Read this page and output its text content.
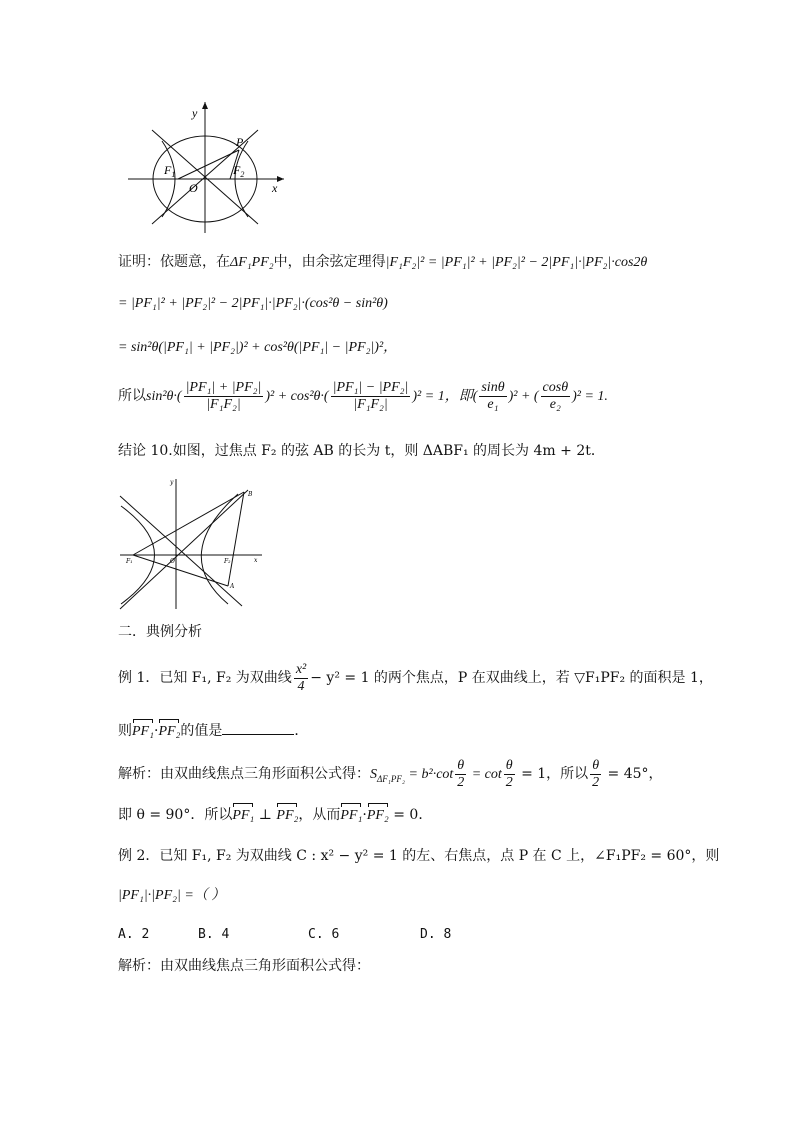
y
x
P
$F_1$	$F_2$
O
证明：依题意，在ΔF₁PF₂中，由余弦定理得|F₁F₂|² = |PF₁|² + |PF₂|² − 2|PF₁|·|PF₂|·cos2θ
= |PF₁|² + |PF₂|² − 2|PF₁|·|PF₂|·(cos²θ − sin²θ)
= sin²θ(|PF₁| + |PF₂|)² + cos²θ(|PF₁| − |PF₂|)²，
所以$\sin^2\theta\cdot( \frac{\text{|PF₁| + |PF₂|}}{\text{|F₁F₂|}} )^2 + \cos^2\theta\cdot( \frac{\text{|PF₁| − |PF₂|}}{\text{|F₁F₂|}} )^2 = 1$，即( $\frac{\sin\theta}{\text{e₁}} )^2$ + ( $\frac{\cos\theta}{\text{e₂}} )^2 = 1$.
结论 10.如图，过焦点 F₂ 的弦 AB 的长为 t，则 ΔABF₁ 的周长为 4m + 2t．
y
x
B
A
F₁	F₂
O
二．典例分析
例 1．已知 F₁, F₂ 为双曲线 $\frac{\text{x²}}{4} - y^2 = 1$ 的两个焦点，P 在双曲线上，若 ▽F₁PF₂ 的面积是 1，
则PF₁·PF₂的值是	．
解析：由双曲线焦点三角形面积公式得：$S_{\Delta F_1PF_2} = b^2\cdot\cot \frac{\theta}{2} = \cot \frac{\theta}{2} = 1$，所以 $\frac{\theta}{2} = 45^\circ$，
即 θ = 90°．所以PF₁ ⊥ PF₂，从而PF₁·PF₂ = 0．
例 2．已知 F₁, F₂ 为双曲线 C : x² − y² = 1 的左、右焦点，点 P 在 C 上，∠F₁PF₂ = 60°，则
|PF₁|·|PF₂| =（ ）
A. 2	B. 4	C. 6	D. 8
解析：由双曲线焦点三角形面积公式得：
